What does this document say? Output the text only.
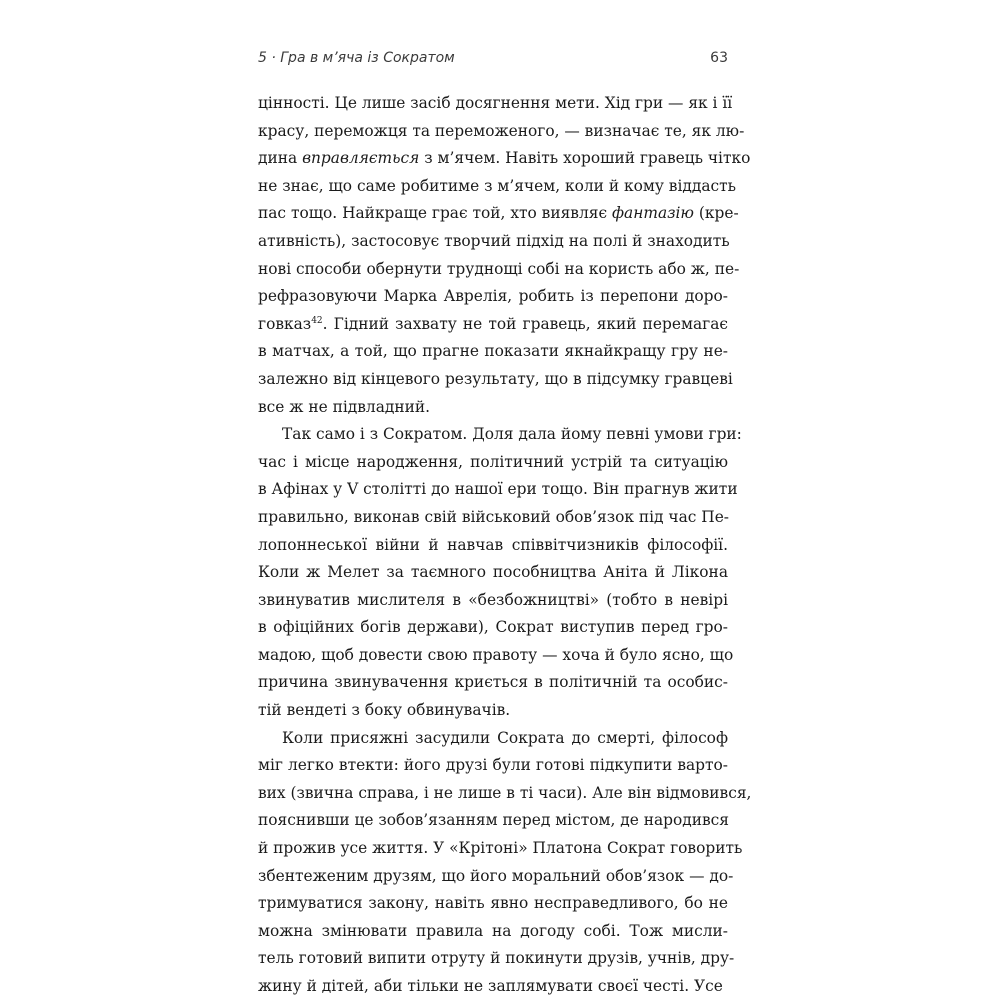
5 · Гра в м’яча із Сократом	63
цінності. Це лише засіб досягнення мети. Хід гри — як і її
красу, переможця та переможеного, — визначає те, як лю-
дина вправляється з м’ячем. Навіть хороший гравець чітко
не знає, що саме робитиме з м’ячем, коли й кому віддасть
пас тощо. Найкраще грає той, хто виявляє фантазію (кре-
ативність), застосовує творчий підхід на полі й знаходить
нові способи обернути труднощі собі на користь або ж, пе-
рефразовуючи Марка Аврелія, робить із перепони доро-
говказ$^{42}$. Гідний захвату не той гравець, який перемагає
в матчах, а той, що прагне показати якнайкращу гру не-
залежно від кінцевого результату, що в підсумку гравцеві
все ж не підвладний.
Так само і з Сократом. Доля дала йому певні умови гри:
час і місце народження, політичний устрій та ситуацію
в Афінах у V столітті до нашої ери тощо. Він прагнув жити
правильно, виконав свій військовий обов’язок під час Пе-
лопоннеської війни й навчав співвітчизників філософії.
Коли ж Мелет за таємного пособництва Аніта й Лікона
звинуватив мислителя в «безбожництві» (тобто в невірі
в офіційних богів держави), Сократ виступив перед гро-
мадою, щоб довести свою правоту — хоча й було ясно, що
причина звинувачення криється в політичній та особис-
тій вендеті з боку обвинувачів.
Коли присяжні засудили Сократа до смерті, філософ
міг легко втекти: його друзі були готові підкупити варто-
вих (звична справа, і не лише в ті часи). Але він відмовився,
пояснивши це зобов’язанням перед містом, де народився
й прожив усе життя. У «Крітоні» Платона Сократ говорить
збентеженим друзям, що його моральний обов’язок — до-
тримуватися закону, навіть явно несправедливого, бо не
можна змінювати правила на догоду собі. Тож мисли-
тель готовий випити отруту й покинути друзів, учнів, дру-
жину й дітей, аби тільки не заплямувати своєї честі. Усе
